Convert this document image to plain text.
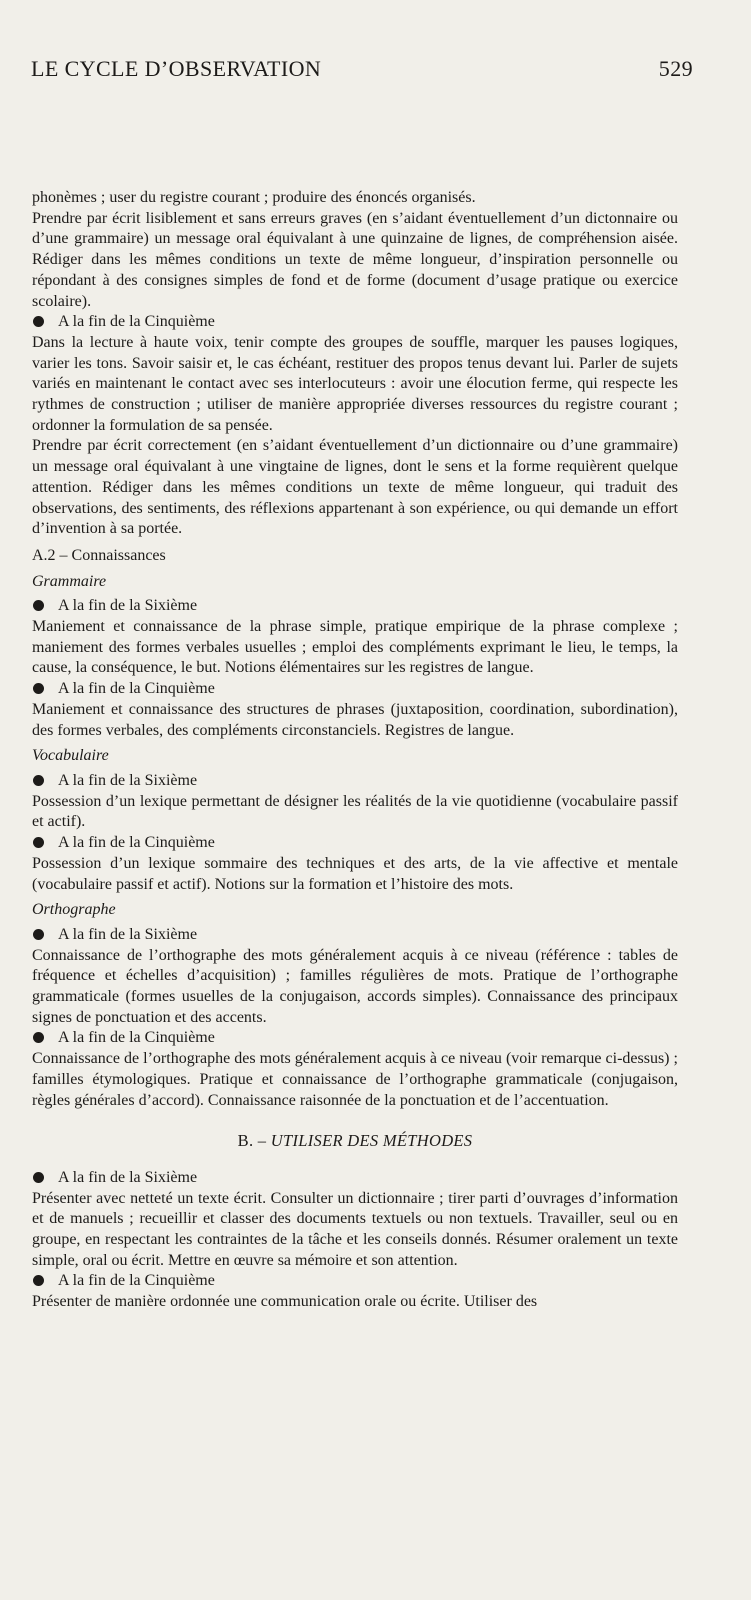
LE CYCLE D’OBSERVATION	529
phonèmes ; user du registre courant ; produire des énoncés organisés.
Prendre par écrit lisiblement et sans erreurs graves (en s’aidant éventuellement d’un dictonnaire ou d’une grammaire) un message oral équivalant à une quinzaine de lignes, de compréhension aisée. Rédiger dans les mêmes conditions un texte de même longueur, d’inspiration personnelle ou répondant à des consignes simples de fond et de forme (document d’usage pratique ou exercice scolaire).
A la fin de la Cinquième
Dans la lecture à haute voix, tenir compte des groupes de souffle, marquer les pauses logiques, varier les tons. Savoir saisir et, le cas échéant, restituer des propos tenus devant lui. Parler de sujets variés en maintenant le contact avec ses interlocuteurs : avoir une élocution ferme, qui respecte les rythmes de construction ; utiliser de manière appropriée diverses ressources du registre courant ; ordonner la formulation de sa pensée.
Prendre par écrit correctement (en s’aidant éventuellement d’un dictionnaire ou d’une grammaire) un message oral équivalant à une vingtaine de lignes, dont le sens et la forme requièrent quelque attention. Rédiger dans les mêmes conditions un texte de même longueur, qui traduit des observations, des sentiments, des réflexions appartenant à son expérience, ou qui demande un effort d’invention à sa portée.
A.2 – Connaissances
Grammaire
A la fin de la Sixième
Maniement et connaissance de la phrase simple, pratique empirique de la phrase complexe ; maniement des formes verbales usuelles ; emploi des compléments exprimant le lieu, le temps, la cause, la conséquence, le but. Notions élémentaires sur les registres de langue.
A la fin de la Cinquième
Maniement et connaissance des structures de phrases (juxtaposition, coordination, subordination), des formes verbales, des compléments circonstanciels. Registres de langue.
Vocabulaire
A la fin de la Sixième
Possession d’un lexique permettant de désigner les réalités de la vie quotidienne (vocabulaire passif et actif).
A la fin de la Cinquième
Possession d’un lexique sommaire des techniques et des arts, de la vie affective et mentale (vocabulaire passif et actif). Notions sur la formation et l’histoire des mots.
Orthographe
A la fin de la Sixième
Connaissance de l’orthographe des mots généralement acquis à ce niveau (référence : tables de fréquence et échelles d’acquisition) ; familles régulières de mots. Pratique de l’orthographe grammaticale (formes usuelles de la conjugaison, accords simples). Connaissance des principaux signes de ponctuation et des accents.
A la fin de la Cinquième
Connaissance de l’orthographe des mots généralement acquis à ce niveau (voir remarque ci-dessus) ; familles étymologiques. Pratique et connaissance de l’orthographe grammaticale (conjugaison, règles générales d’accord). Connaissance raisonnée de la ponctuation et de l’accentuation.
B. – UTILISER DES MÉTHODES
A la fin de la Sixième
Présenter avec netteté un texte écrit. Consulter un dictionnaire ; tirer parti d’ouvrages d’information et de manuels ; recueillir et classer des documents textuels ou non textuels. Travailler, seul ou en groupe, en respectant les contraintes de la tâche et les conseils donnés. Résumer oralement un texte simple, oral ou écrit. Mettre en œuvre sa mémoire et son attention.
A la fin de la Cinquième
Présenter de manière ordonnée une communication orale ou écrite. Utiliser des
